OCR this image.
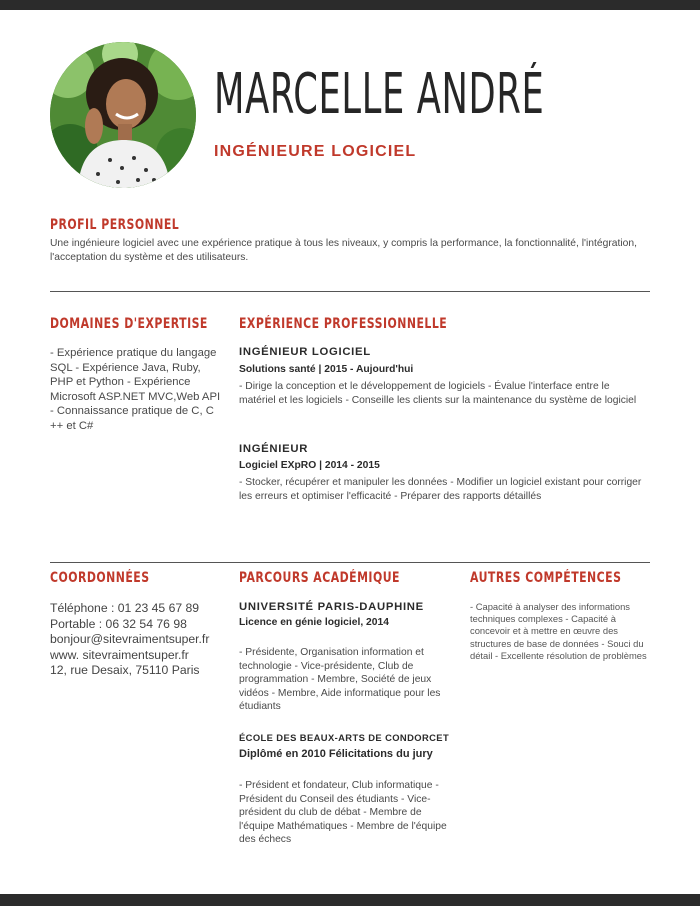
MARCELLE ANDRÉ
INGÉNIEURE LOGICIEL
PROFIL PERSONNEL
Une ingénieure logiciel avec une expérience pratique à tous les niveaux, y compris la performance, la fonctionnalité, l'intégration, l'acceptation du système et des utilisateurs.
DOMAINES D'EXPERTISE
- Expérience pratique du langage SQL - Expérience Java, Ruby, PHP et Python - Expérience Microsoft ASP.NET MVC,Web API - Connaissance pratique de C, C ++ et C#
EXPÉRIENCE PROFESSIONNELLE
INGÉNIEUR LOGICIEL
Solutions santé | 2015 - Aujourd'hui
- Dirige la conception et le développement de logiciels - Évalue l'interface entre le matériel et les logiciels - Conseille les clients sur la maintenance du système de logiciel
INGÉNIEUR
Logiciel EXpRO | 2014 - 2015
- Stocker, récupérer et manipuler les données - Modifier un logiciel existant pour corriger les erreurs et optimiser l'efficacité - Préparer des rapports détaillés
COORDONNÉES
Téléphone : 01 23 45 67 89
Portable : 06 32 54 76 98
bonjour@sitevraimentsuper.fr
www. sitevraimentsuper.fr
12, rue Desaix, 75110 Paris
PARCOURS ACADÉMIQUE
UNIVERSITÉ PARIS-DAUPHINE
Licence en génie logiciel, 2014
- Présidente, Organisation information et technologie - Vice-présidente, Club de programmation - Membre, Société de jeux vidéos - Membre, Aide informatique pour les étudiants
ÉCOLE DES BEAUX-ARTS DE CONDORCET
Diplômé en 2010 Félicitations du jury
- Président et fondateur, Club informatique - Président du Conseil des étudiants - Vice-président du club de débat - Membre de l'équipe Mathématiques - Membre de l'équipe des échecs
AUTRES COMPÉTENCES
- Capacité à analyser des informations techniques complexes - Capacité à concevoir et à mettre en œuvre des structures de base de données - Souci du détail - Excellente résolution de problèmes
